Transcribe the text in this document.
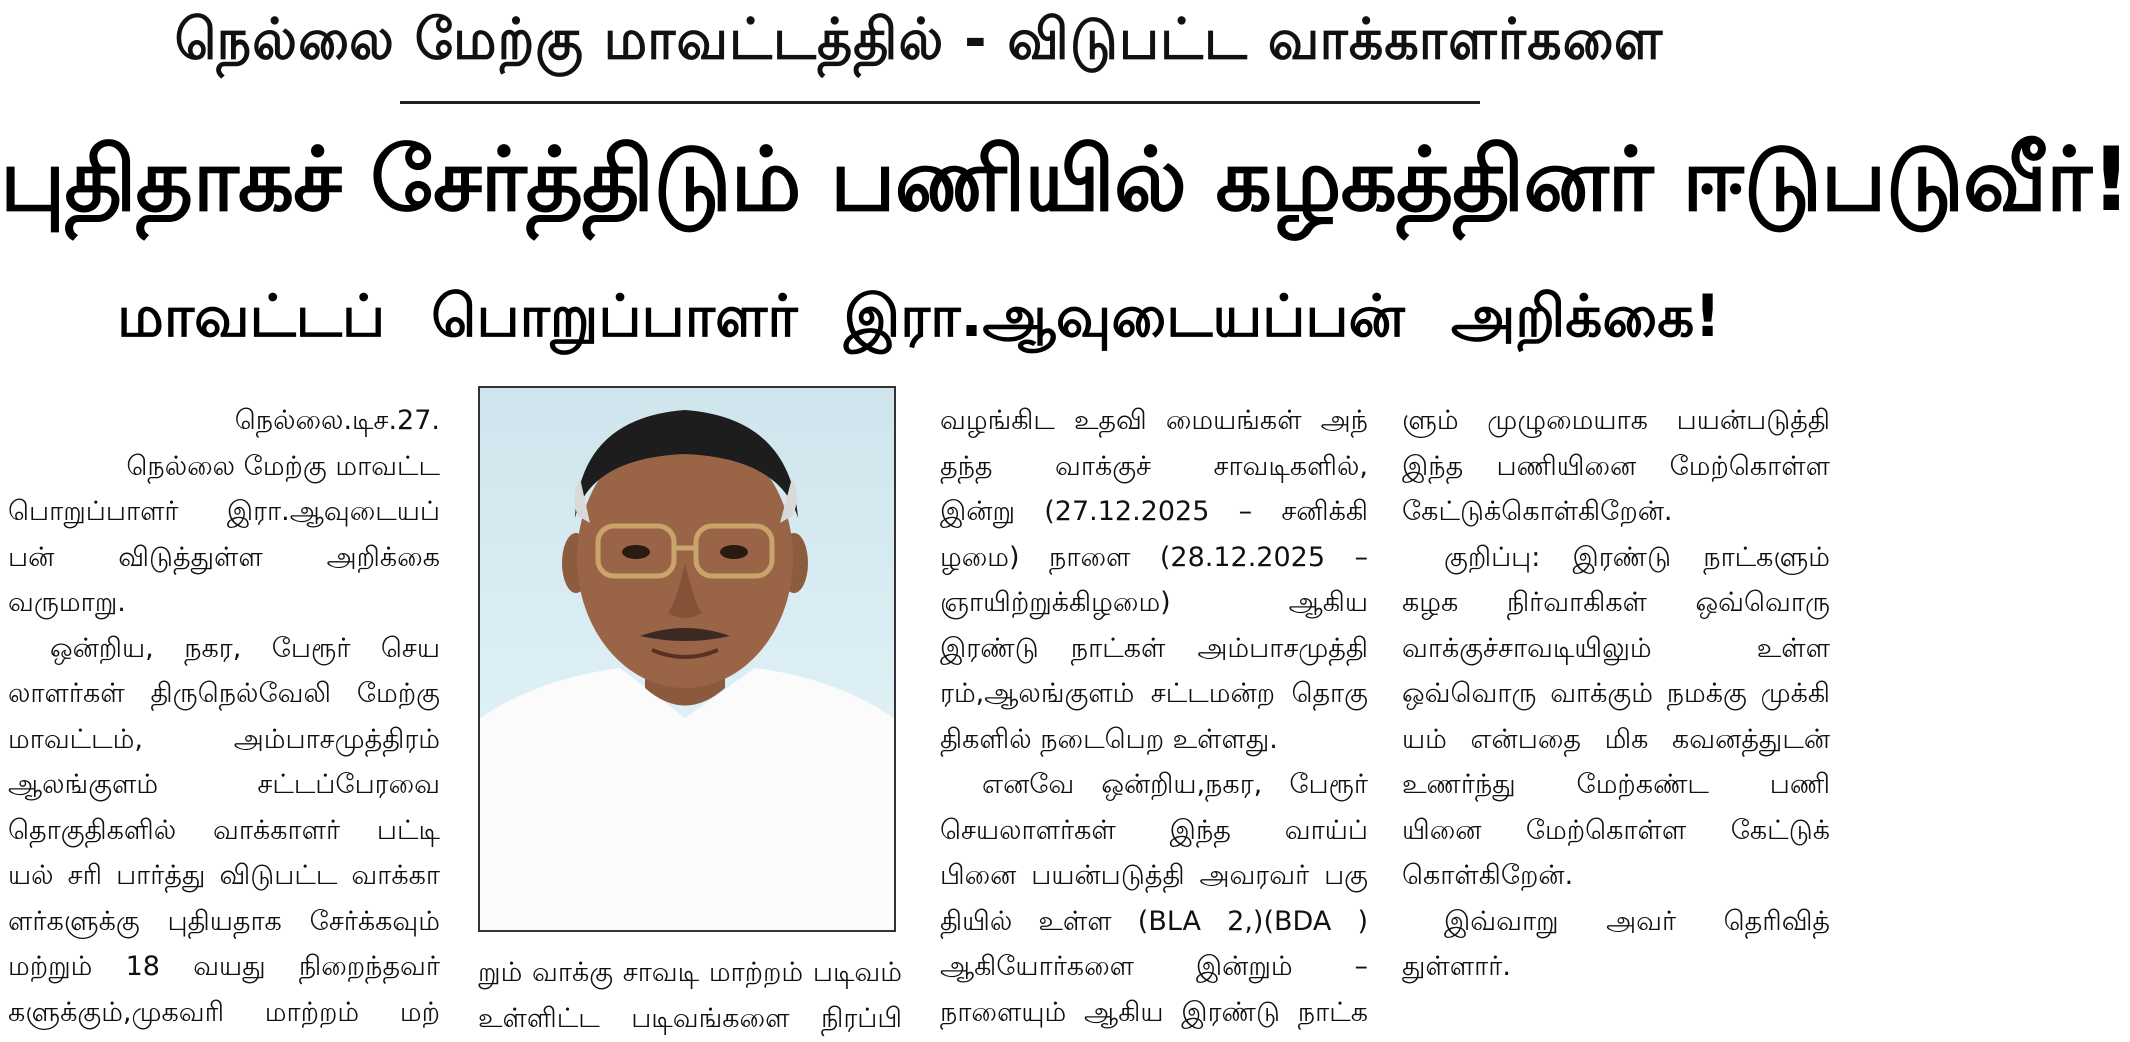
நெல்லை மேற்கு மாவட்டத்தில் - விடுபட்ட வாக்காளர்களை
புதிதாகச் சேர்த்திடும் பணியில் கழகத்தினர் ஈடுபடுவீர்!
மாவட்டப் பொறுப்பாளர் இரா.ஆவுடையப்பன் அறிக்கை!

நெல்லை.டிச.27.

நெல்லை மேற்கு மாவட்ட

பொறுப்பாளர் இரா.ஆவுடையப்

பன் விடுத்துள்ள அறிக்கை

வருமாறு.

ஒன்றிய, நகர, பேரூர் செய

லாளர்கள் திருநெல்வேலி மேற்கு

மாவட்டம், அம்பாசமுத்திரம்

ஆலங்குளம் சட்டப்பேரவை

தொகுதிகளில் வாக்காளர் பட்டி

யல் சரி பார்த்து விடுபட்ட வாக்கா

ளர்களுக்கு புதியதாக சேர்க்கவும்

மற்றும் 18 வயது நிறைந்தவர்

களுக்கும்,முகவரி மாற்றம் மற்

றும் வாக்கு சாவடி மாற்றம் படிவம்

உள்ளிட்ட படிவங்களை நிரப்பி

வழங்கிட உதவி மையங்கள் அந்

தந்த வாக்குச் சாவடிகளில்,

இன்று (27.12.2025 – சனிக்கி

ழமை) நாளை (28.12.2025 –

ஞாயிற்றுக்கிழமை) ஆகிய

இரண்டு நாட்கள் அம்பாசமுத்தி

ரம்,ஆலங்குளம் சட்டமன்ற தொகு

திகளில் நடைபெற உள்ளது.

எனவே ஒன்றிய,நகர, பேரூர்

செயலாளர்கள் இந்த வாய்ப்

பினை பயன்படுத்தி அவரவர் பகு

தியில் உள்ள (BLA 2,)(BDA )

ஆகியோர்களை இன்றும் –

நாளையும் ஆகிய இரண்டு நாட்க

ளும் முழுமையாக பயன்படுத்தி

இந்த பணியினை மேற்கொள்ள

கேட்டுக்கொள்கிறேன்.

குறிப்பு: இரண்டு நாட்களும்

கழக நிர்வாகிகள் ஒவ்வொரு

வாக்குச்சாவடியிலும் உள்ள

ஒவ்வொரு வாக்கும் நமக்கு முக்கி

யம் என்பதை மிக கவனத்துடன்

உணர்ந்து மேற்கண்ட பணி

யினை மேற்கொள்ள கேட்டுக்

கொள்கிறேன்.

இவ்வாறு அவர் தெரிவித்

துள்ளார்.
